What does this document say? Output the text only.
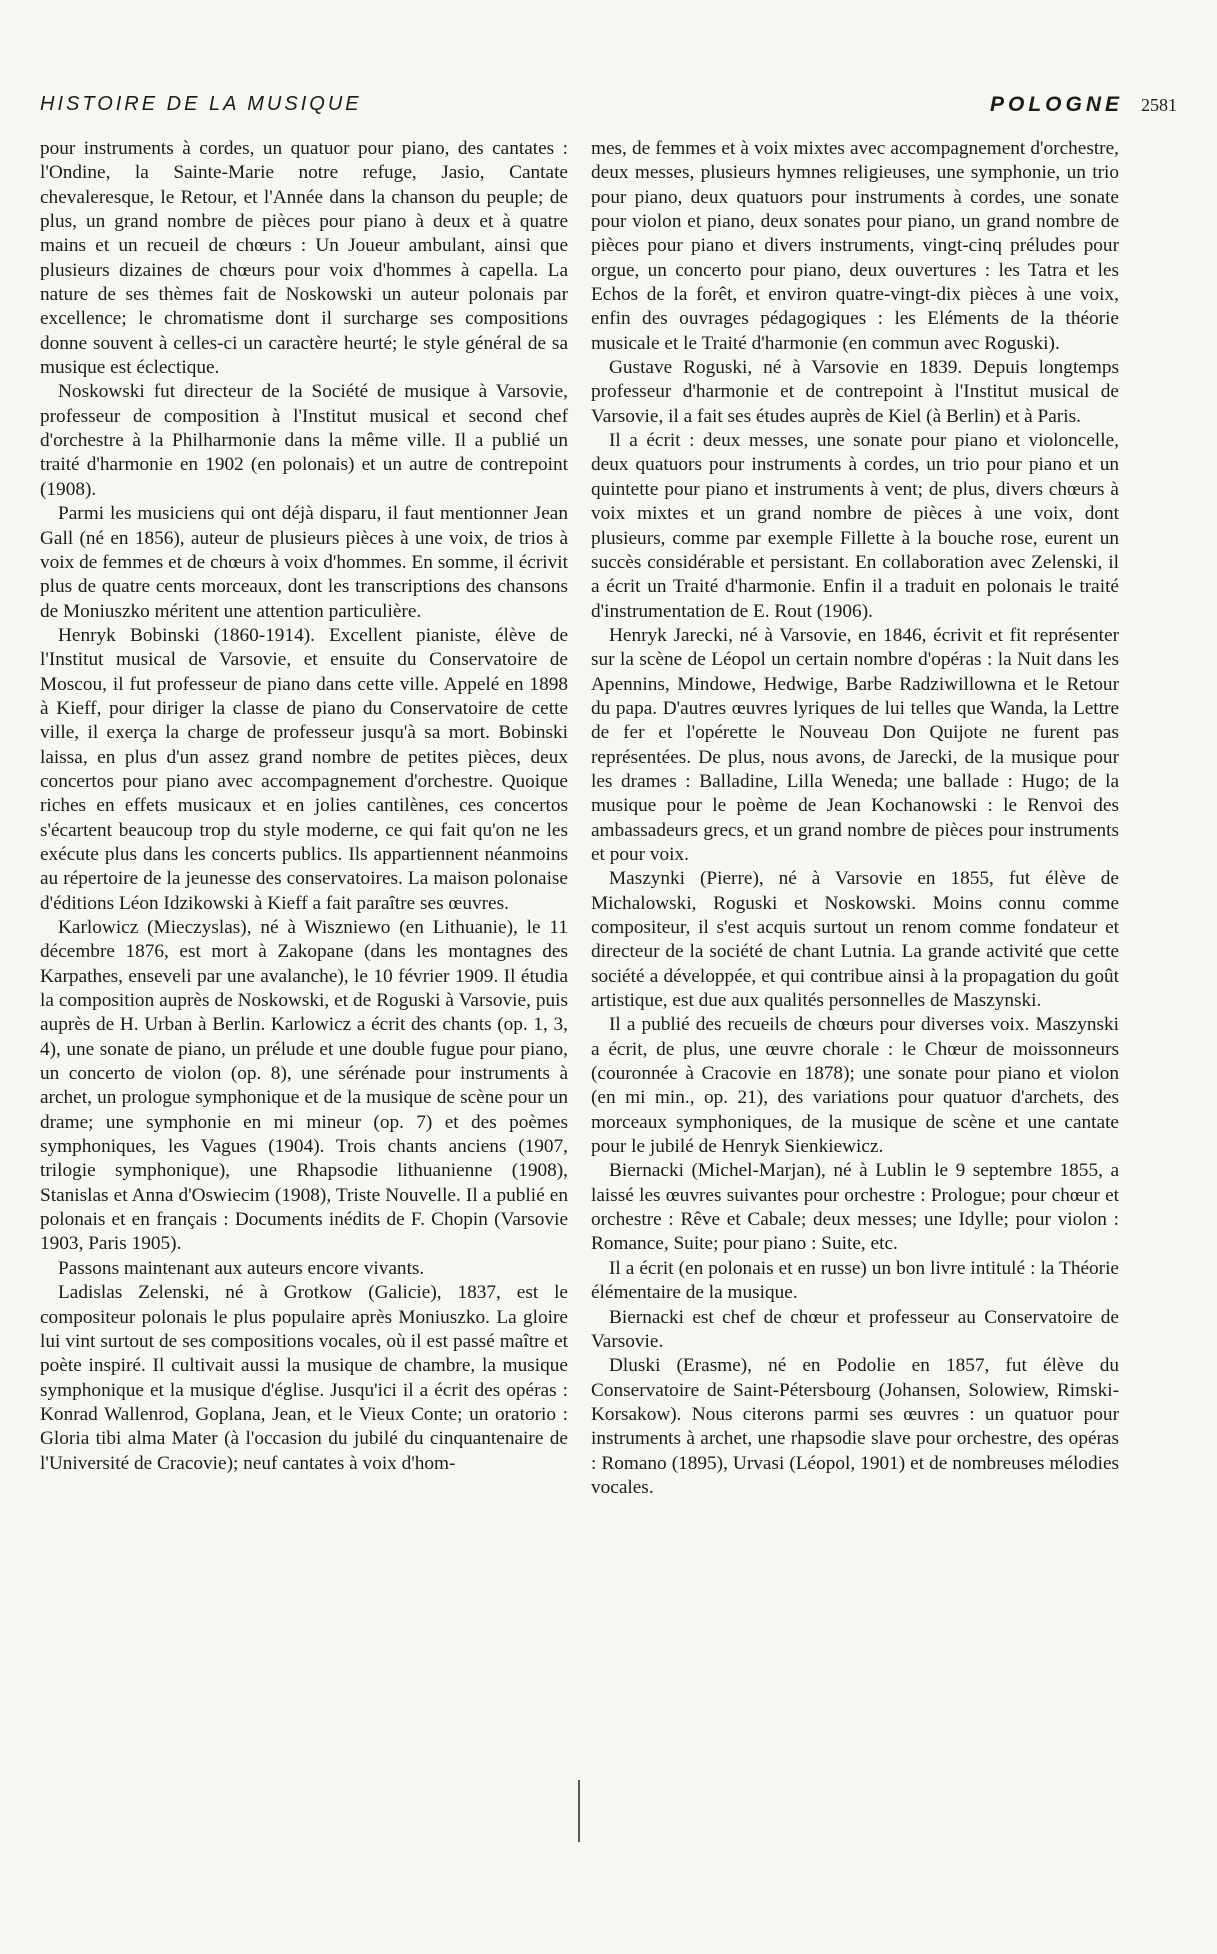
HISTOIRE DE LA MUSIQUE	POLOGNE 2581

pour instruments à cordes, un quatuor pour piano, des cantates : l'Ondine, la Sainte-Marie notre refuge, Jasio, Cantate chevaleresque, le Retour, et l'Année dans la chanson du peuple; de plus, un grand nombre de pièces pour piano à deux et à quatre mains et un recueil de chœurs : Un Joueur ambulant, ainsi que plusieurs dizaines de chœurs pour voix d'hommes à capella. La nature de ses thèmes fait de Noskowski un auteur polonais par excellence; le chromatisme dont il surcharge ses compositions donne souvent à celles-ci un caractère heurté; le style général de sa musique est éclectique.

Noskowski fut directeur de la Société de musique à Varsovie, professeur de composition à l'Institut musical et second chef d'orchestre à la Philharmonie dans la même ville. Il a publié un traité d'harmonie en 1902 (en polonais) et un autre de contrepoint (1908).

Parmi les musiciens qui ont déjà disparu, il faut mentionner Jean Gall (né en 1856), auteur de plusieurs pièces à une voix, de trios à voix de femmes et de chœurs à voix d'hommes. En somme, il écrivit plus de quatre cents morceaux, dont les transcriptions des chansons de Moniuszko méritent une attention particulière.

Henryk Bobinski (1860-1914). Excellent pianiste, élève de l'Institut musical de Varsovie, et ensuite du Conservatoire de Moscou, il fut professeur de piano dans cette ville. Appelé en 1898 à Kieff, pour diriger la classe de piano du Conservatoire de cette ville, il exerça la charge de professeur jusqu'à sa mort. Bobinski laissa, en plus d'un assez grand nombre de petites pièces, deux concertos pour piano avec accompagnement d'orchestre. Quoique riches en effets musicaux et en jolies cantilènes, ces concertos s'écartent beaucoup trop du style moderne, ce qui fait qu'on ne les exécute plus dans les concerts publics. Ils appartiennent néanmoins au répertoire de la jeunesse des conservatoires. La maison polonaise d'éditions Léon Idzikowski à Kieff a fait paraître ses œuvres.

Karlowicz (Mieczyslas), né à Wiszniewo (en Lithuanie), le 11 décembre 1876, est mort à Zakopane (dans les montagnes des Karpathes, enseveli par une avalanche), le 10 février 1909. Il étudia la composition auprès de Noskowski, et de Roguski à Varsovie, puis auprès de H. Urban à Berlin. Karlowicz a écrit des chants (op. 1, 3, 4), une sonate de piano, un prélude et une double fugue pour piano, un concerto de violon (op. 8), une sérénade pour instruments à archet, un prologue symphonique et de la musique de scène pour un drame; une symphonie en mi mineur (op. 7) et des poèmes symphoniques, les Vagues (1904). Trois chants anciens (1907, trilogie symphonique), une Rhapsodie lithuanienne (1908), Stanislas et Anna d'Oswiecim (1908), Triste Nouvelle. Il a publié en polonais et en français : Documents inédits de F. Chopin (Varsovie 1903, Paris 1905).

Passons maintenant aux auteurs encore vivants.

Ladislas Zelenski, né à Grotkow (Galicie), 1837, est le compositeur polonais le plus populaire après Moniuszko. La gloire lui vint surtout de ses compositions vocales, où il est passé maître et poète inspiré. Il cultivait aussi la musique de chambre, la musique symphonique et la musique d'église. Jusqu'ici il a écrit des opéras : Konrad Wallenrod, Goplana, Jean, et le Vieux Conte; un oratorio : Gloria tibi alma Mater (à l'occasion du jubilé du cinquantenaire de l'Université de Cracovie); neuf cantates à voix d'hom-

mes, de femmes et à voix mixtes avec accompagnement d'orchestre, deux messes, plusieurs hymnes religieuses, une symphonie, un trio pour piano, deux quatuors pour instruments à cordes, une sonate pour violon et piano, deux sonates pour piano, un grand nombre de pièces pour piano et divers instruments, vingt-cinq préludes pour orgue, un concerto pour piano, deux ouvertures : les Tatra et les Echos de la forêt, et environ quatre-vingt-dix pièces à une voix, enfin des ouvrages pédagogiques : les Eléments de la théorie musicale et le Traité d'harmonie (en commun avec Roguski).

Gustave Roguski, né à Varsovie en 1839. Depuis longtemps professeur d'harmonie et de contrepoint à l'Institut musical de Varsovie, il a fait ses études auprès de Kiel (à Berlin) et à Paris.

Il a écrit : deux messes, une sonate pour piano et violoncelle, deux quatuors pour instruments à cordes, un trio pour piano et un quintette pour piano et instruments à vent; de plus, divers chœurs à voix mixtes et un grand nombre de pièces à une voix, dont plusieurs, comme par exemple Fillette à la bouche rose, eurent un succès considérable et persistant. En collaboration avec Zelenski, il a écrit un Traité d'harmonie. Enfin il a traduit en polonais le traité d'instrumentation de E. Rout (1906).

Henryk Jarecki, né à Varsovie, en 1846, écrivit et fit représenter sur la scène de Léopol un certain nombre d'opéras : la Nuit dans les Apennins, Mindowe, Hedwige, Barbe Radziwillowna et le Retour du papa. D'autres œuvres lyriques de lui telles que Wanda, la Lettre de fer et l'opérette le Nouveau Don Quijote ne furent pas représentées. De plus, nous avons, de Jarecki, de la musique pour les drames : Balladine, Lilla Weneda; une ballade : Hugo; de la musique pour le poème de Jean Kochanowski : le Renvoi des ambassadeurs grecs, et un grand nombre de pièces pour instruments et pour voix.

Maszynki (Pierre), né à Varsovie en 1855, fut élève de Michalowski, Roguski et Noskowski. Moins connu comme compositeur, il s'est acquis surtout un renom comme fondateur et directeur de la société de chant Lutnia. La grande activité que cette société a développée, et qui contribue ainsi à la propagation du goût artistique, est due aux qualités personnelles de Maszynski.

Il a publié des recueils de chœurs pour diverses voix. Maszynski a écrit, de plus, une œuvre chorale : le Chœur de moissonneurs (couronnée à Cracovie en 1878); une sonate pour piano et violon (en mi min., op. 21), des variations pour quatuor d'archets, des morceaux symphoniques, de la musique de scène et une cantate pour le jubilé de Henryk Sienkiewicz.

Biernacki (Michel-Marjan), né à Lublin le 9 septembre 1855, a laissé les œuvres suivantes pour orchestre : Prologue; pour chœur et orchestre : Rêve et Cabale; deux messes; une Idylle; pour violon : Romance, Suite; pour piano : Suite, etc.

Il a écrit (en polonais et en russe) un bon livre intitulé : la Théorie élémentaire de la musique.

Biernacki est chef de chœur et professeur au Conservatoire de Varsovie.

Dluski (Erasme), né en Podolie en 1857, fut élève du Conservatoire de Saint-Pétersbourg (Johansen, Solowiew, Rimski-Korsakow). Nous citerons parmi ses œuvres : un quatuor pour instruments à archet, une rhapsodie slave pour orchestre, des opéras : Romano (1895), Urvasi (Léopol, 1901) et de nombreuses mélodies vocales.
